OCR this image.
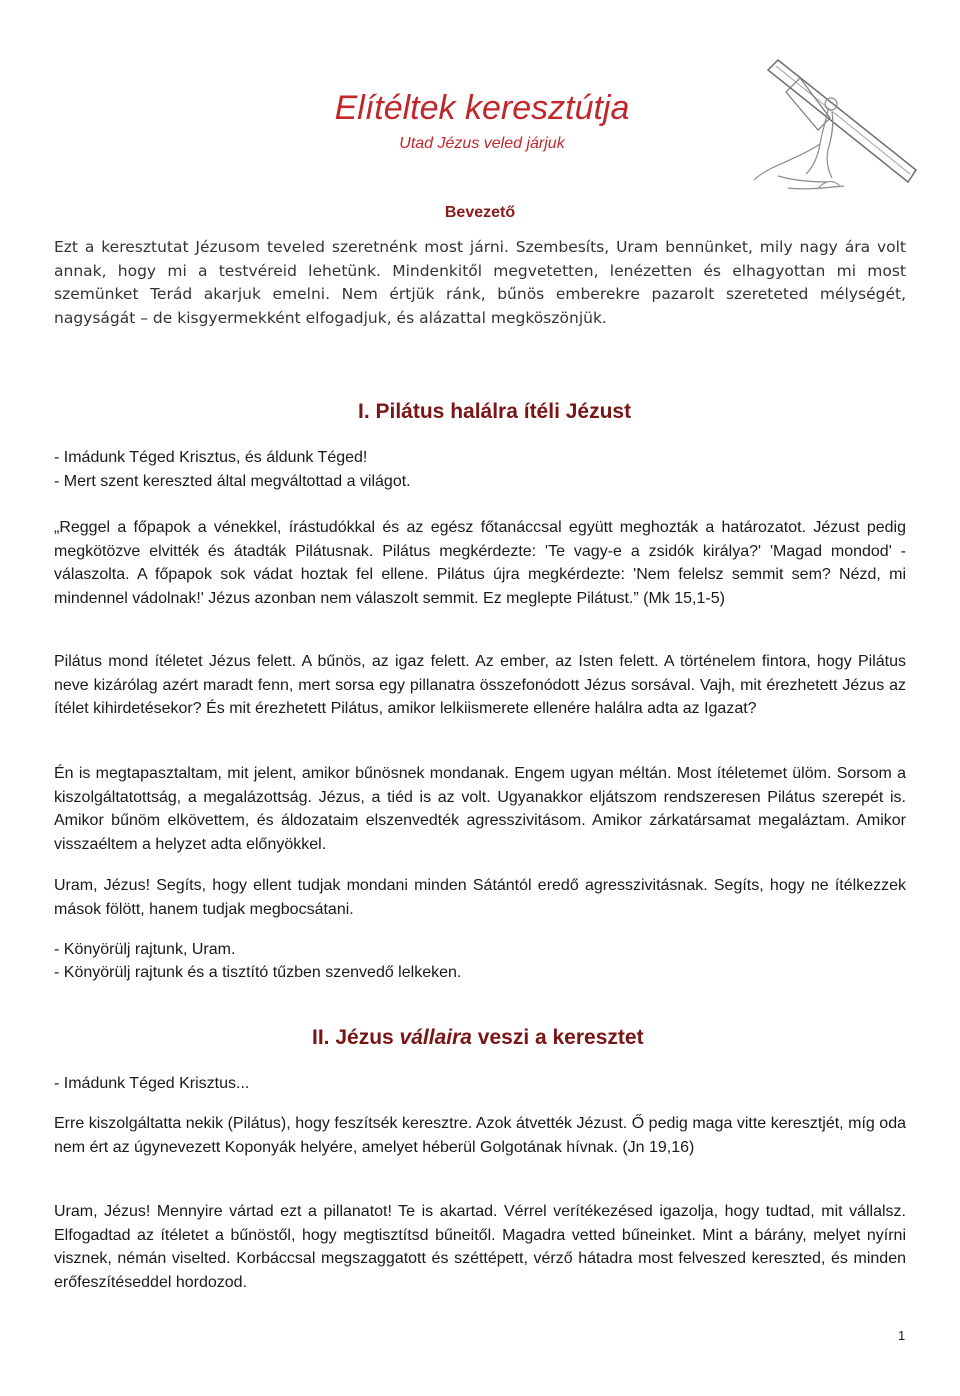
Elítéltek keresztútja
Utad Jézus veled járjuk
Bevezető

Ezt a keresztutat Jézusom teveled szeretnénk most járni. Szembesíts, Uram bennünket, mily nagy ára volt annak, hogy mi a testvéreid lehetünk. Mindenkitől megvetetten, lenézetten és elhagyottan mi most szemünket Terád akarjuk emelni. Nem értjük ránk, bűnös emberekre pazarolt szereteted mélységét, nagyságát – de kisgyermekként elfogadjuk, és alázattal megköszönjük.

I. Pilátus halálra ítéli Jézust
- Imádunk Téged Krisztus, és áldunk Téged!
- Mert szent kereszted által megváltottad a világot.

„Reggel a főpapok a vénekkel, írástudókkal és az egész főtanáccsal együtt meghozták a határozatot. Jézust pedig megkötözve elvitték és átadták Pilátusnak. Pilátus megkérdezte: 'Te vagy-e a zsidók királya?' 'Magad mondod' - válaszolta. A főpapok sok vádat hoztak fel ellene. Pilátus újra megkérdezte: 'Nem felelsz semmit sem? Nézd, mi mindennel vádolnak!' Jézus azonban nem válaszolt semmit. Ez meglepte Pilátust.” (Mk 15,1-5)

Pilátus mond ítéletet Jézus felett. A bűnös, az igaz felett. Az ember, az Isten felett. A történelem fintora, hogy Pilátus neve kizárólag azért maradt fenn, mert sorsa egy pillanatra összefonódott Jézus sorsával. Vajh, mit érezhetett Jézus az ítélet kihirdetésekor? És mit érezhetett Pilátus, amikor lelkiismerete ellenére halálra adta az Igazat?

Én is megtapasztaltam, mit jelent, amikor bűnösnek mondanak. Engem ugyan méltán. Most ítéletemet ülöm. Sorsom a kiszolgáltatottság, a megalázottság. Jézus, a tiéd is az volt. Ugyanakkor eljátszom rendszeresen Pilátus szerepét is. Amikor bűnöm elkövettem, és áldozataim elszenvedték agresszivitásom. Amikor zárkatársamat megaláztam. Amikor visszaéltem a helyzet adta előnyökkel.

Uram, Jézus! Segíts, hogy ellent tudjak mondani minden Sátántól eredő agresszivitásnak. Segíts, hogy ne ítélkezzek mások fölött, hanem tudjak megbocsátani.

- Könyörülj rajtunk, Uram.
- Könyörülj rajtunk és a tisztító tűzben szenvedő lelkeken.
II. Jézus vállaira veszi a keresztet
- Imádunk Téged Krisztus...

Erre kiszolgáltatta nekik (Pilátus), hogy feszítsék keresztre. Azok átvették Jézust. Ő pedig maga vitte keresztjét, míg oda nem ért az úgynevezett Koponyák helyére, amelyet héberül Golgotának hívnak. (Jn 19,16)

Uram, Jézus! Mennyire vártad ezt a pillanatot! Te is akartad. Vérrel verítékezésed igazolja, hogy tudtad, mit vállalsz. Elfogadtad az ítéletet a bűnöstől, hogy megtisztítsd bűneitől. Magadra vetted bűneinket. Mint a bárány, melyet nyírni visznek, némán viselted. Korbáccsal megszaggatott és széttépett, vérző hátadra most felveszed kereszted, és minden erőfeszítéseddel hordozod.

1
